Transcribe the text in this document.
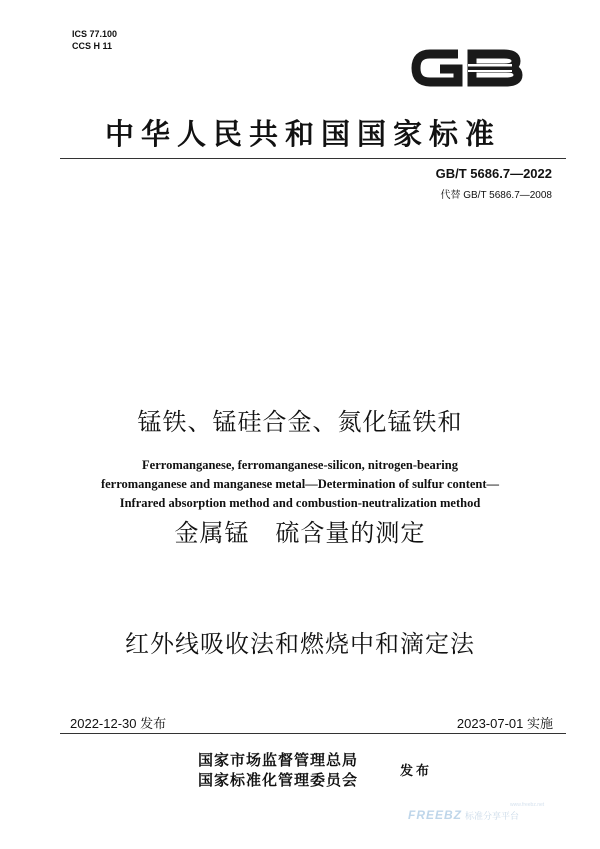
ICS 77.100
CCS H 11
中华人民共和国国家标准
GB/T 5686.7—2022
代替 GB/T 5686.7—2008

锰铁、锰硅合金、氮化锰铁和

金属锰   硫含量的测定

红外线吸收法和燃烧中和滴定法

Ferromanganese, ferromanganese-silicon, nitrogen-bearing
ferromanganese and manganese metal—Determination of sulfur content—
Infrared absorption method and combustion-neutralization method
2022-12-30 发布	2023-07-01 实施
国家市场监督管理总局
国家标准化管理委员会	发布
FREEBZ 标准分享平台
www.freebz.net
